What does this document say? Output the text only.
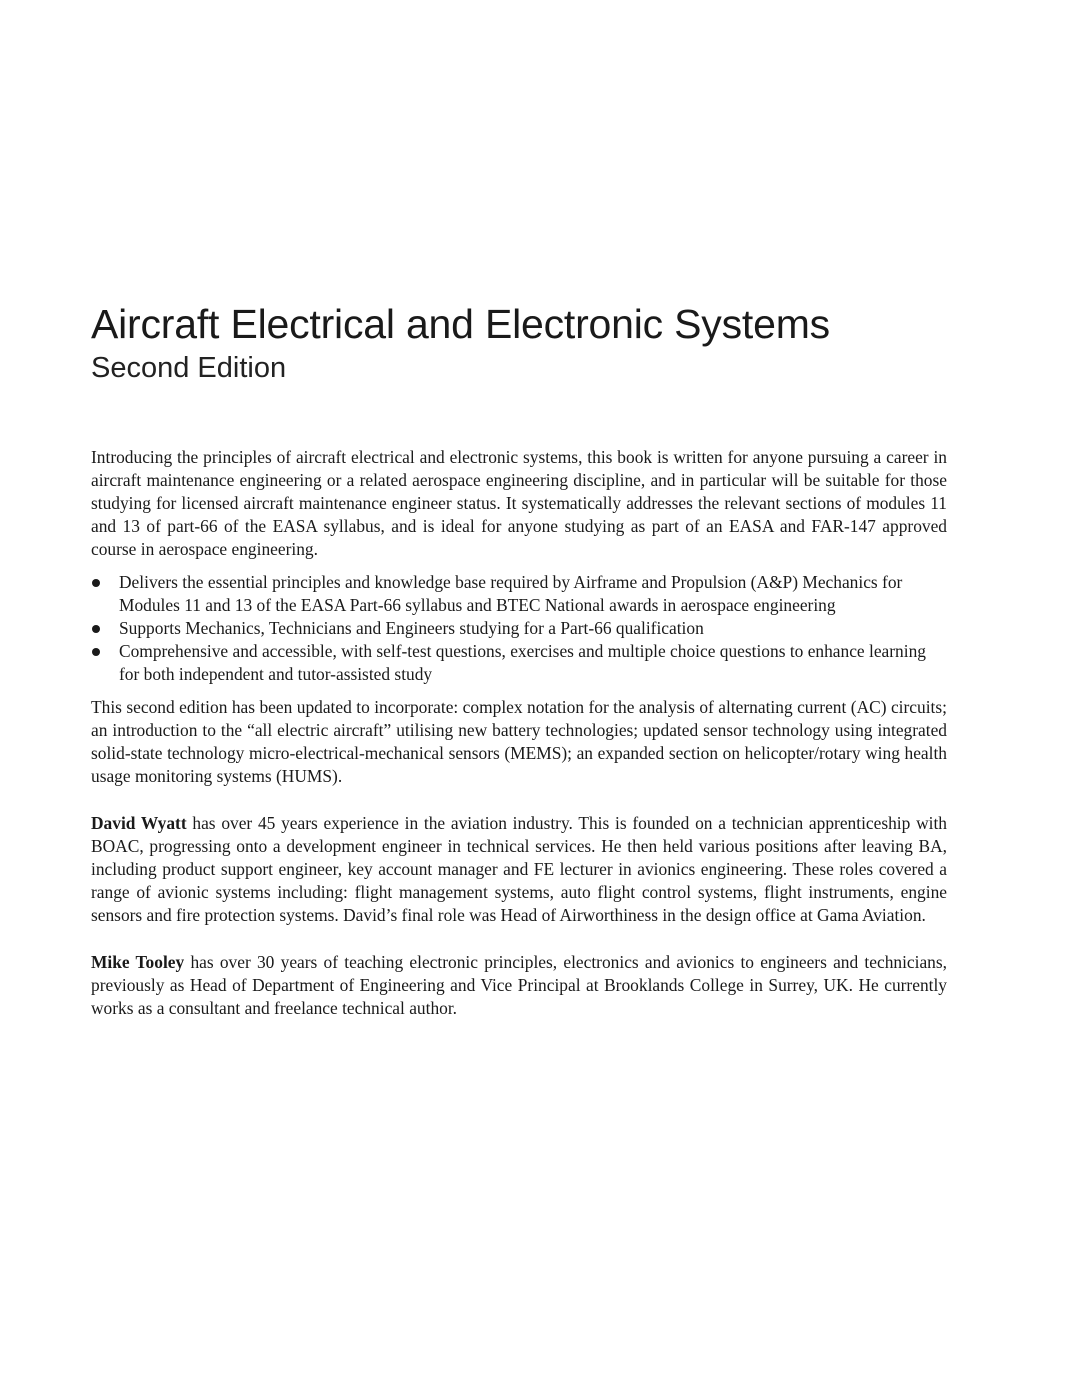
Aircraft Electrical and Electronic Systems
Second Edition

Introducing the principles of aircraft electrical and electronic systems, this book is written for anyone pursuing a career in aircraft maintenance engineering or a related aerospace engineering discipline, and in particular will be suitable for those studying for licensed aircraft maintenance engineer status. It systematically addresses the relevant sections of modules 11 and 13 of part-66 of the EASA syllabus, and is ideal for anyone studying as part of an EASA and FAR-147 approved course in aerospace engineering.

Delivers the essential principles and knowledge base required by Airframe and Propulsion (A&P) Mechanics for Modules 11 and 13 of the EASA Part-66 syllabus and BTEC National awards in aerospace engineering
Supports Mechanics, Technicians and Engineers studying for a Part-66 qualification
Comprehensive and accessible, with self-test questions, exercises and multiple choice questions to enhance learning for both independent and tutor-assisted study

This second edition has been updated to incorporate: complex notation for the analysis of alternating current (AC) circuits; an introduction to the “all electric aircraft” utilising new battery technologies; updated sensor technology using integrated solid-state technology micro-electrical-mechanical sensors (MEMS); an expanded section on helicopter/rotary wing health usage monitoring systems (HUMS).

David Wyatt has over 45 years experience in the aviation industry. This is founded on a technician apprenticeship with BOAC, progressing onto a development engineer in technical services. He then held various positions after leaving BA, including product support engineer, key account manager and FE lecturer in avionics engineering. These roles covered a range of avionic systems including: flight management systems, auto flight control systems, flight instruments, engine sensors and fire protection systems. David’s final role was Head of Airworthiness in the design office at Gama Aviation.

Mike Tooley has over 30 years of teaching electronic principles, electronics and avionics to engineers and technicians, previously as Head of Department of Engineering and Vice Principal at Brooklands College in Surrey, UK. He currently works as a consultant and freelance technical author.
